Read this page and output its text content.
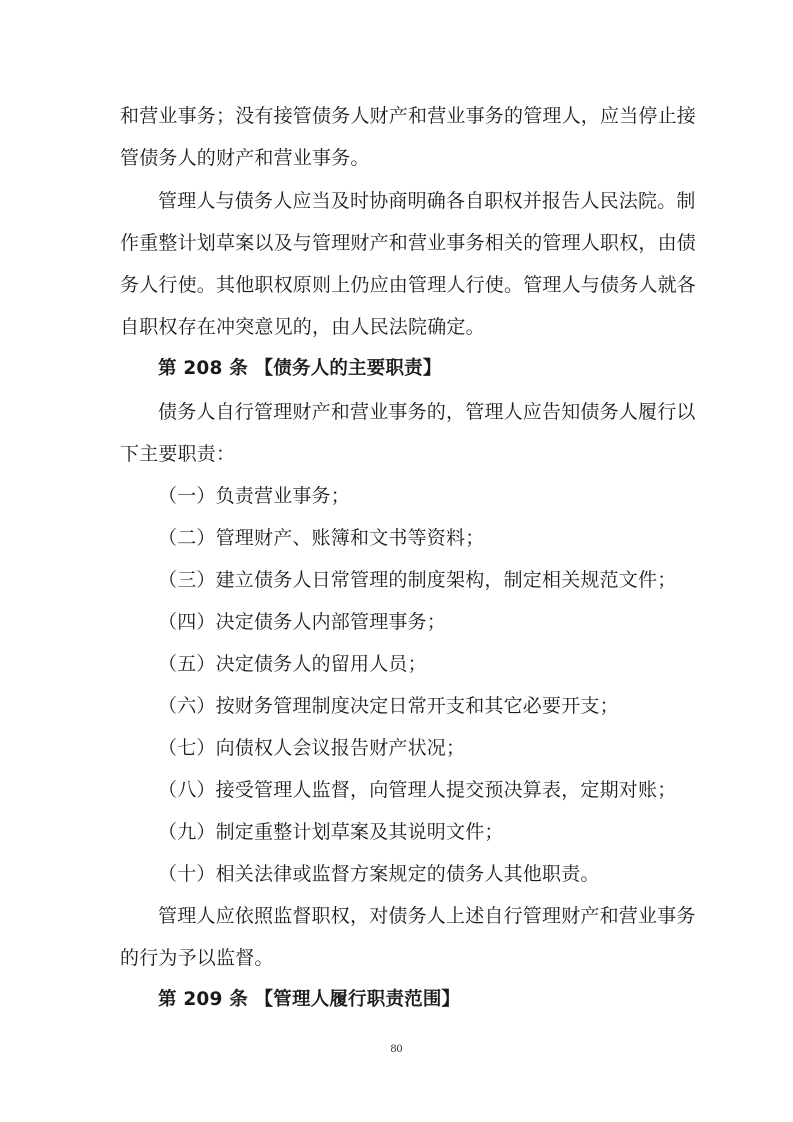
和营业事务；没有接管债务人财产和营业事务的管理人，应当停止接
管债务人的财产和营业事务。
管理人与债务人应当及时协商明确各自职权并报告人民法院。制
作重整计划草案以及与管理财产和营业事务相关的管理人职权，由债
务人行使。其他职权原则上仍应由管理人行使。管理人与债务人就各
自职权存在冲突意见的，由人民法院确定。
第 208 条 【债务人的主要职责】
债务人自行管理财产和营业事务的，管理人应告知债务人履行以
下主要职责：
（一）负责营业事务；
（二）管理财产、账簿和文书等资料；
（三）建立债务人日常管理的制度架构，制定相关规范文件；
（四）决定债务人内部管理事务；
（五）决定债务人的留用人员；
（六）按财务管理制度决定日常开支和其它必要开支；
（七）向债权人会议报告财产状况；
（八）接受管理人监督，向管理人提交预决算表，定期对账；
（九）制定重整计划草案及其说明文件；
（十）相关法律或监督方案规定的债务人其他职责。
管理人应依照监督职权，对债务人上述自行管理财产和营业事务
的行为予以监督。
第 209 条 【管理人履行职责范围】
80
